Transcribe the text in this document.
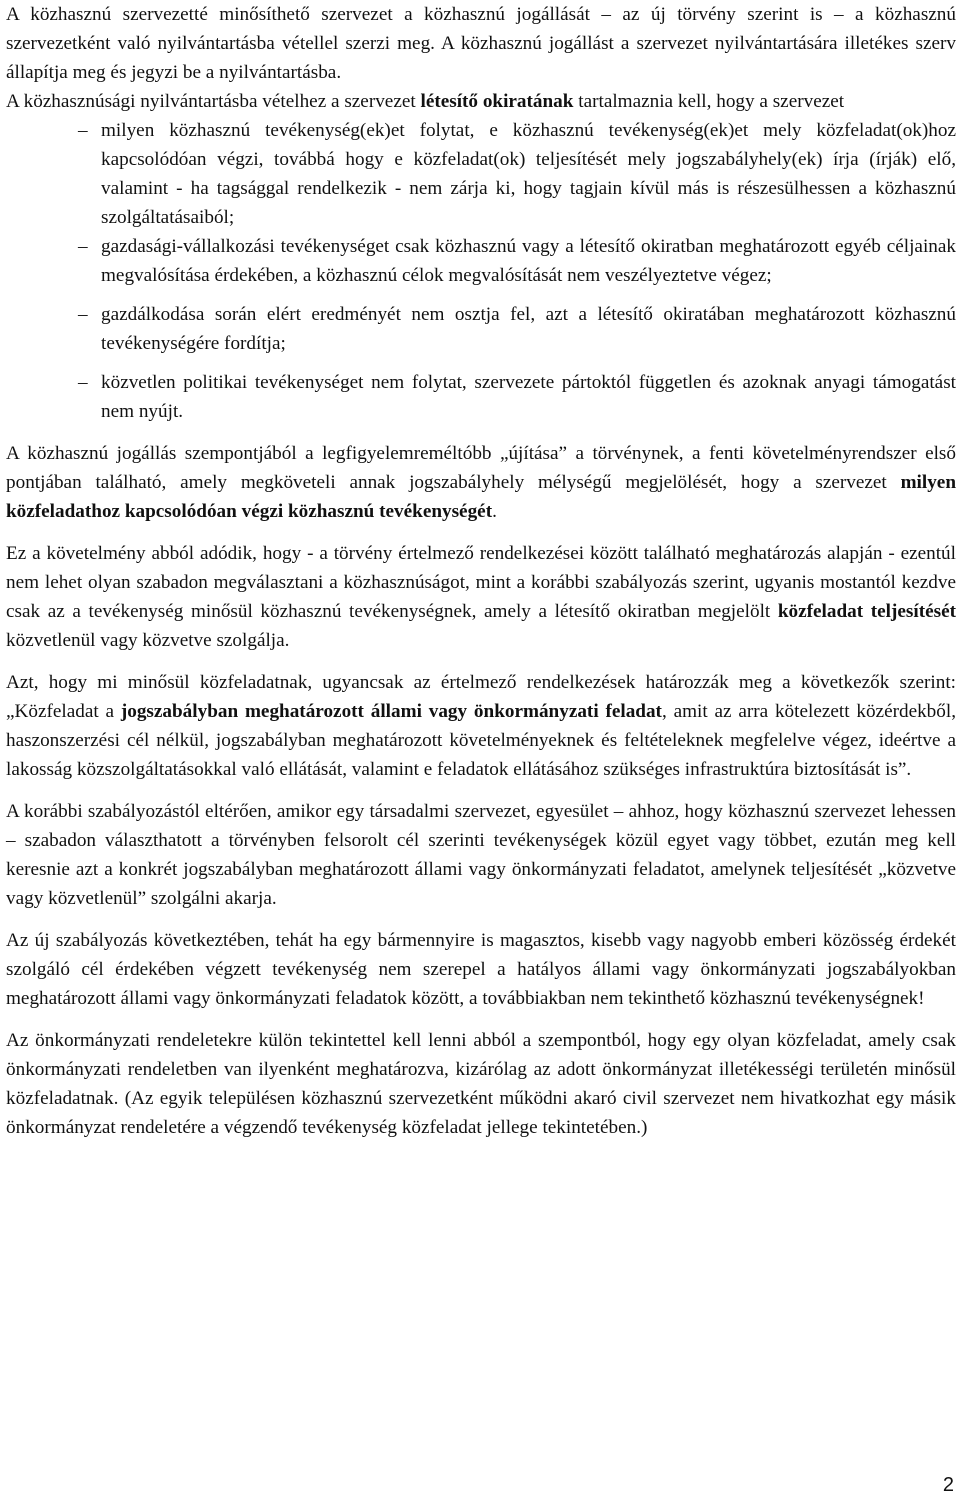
A közhasznú szervezetté minősíthető szervezet a közhasznú jogállását – az új törvény szerint is – a közhasznú szervezetként való nyilvántartásba vétellel szerzi meg. A közhasznú jogállást a szervezet nyilvántartására illetékes szerv állapítja meg és jegyzi be a nyilvántartásba.

A közhasznúsági nyilvántartásba vételhez a szervezet létesítő okiratának tartalmaznia kell, hogy a szervezet

– milyen közhasznú tevékenység(ek)et folytat, e közhasznú tevékenység(ek)et mely közfeladat(ok)hoz kapcsolódóan végzi, továbbá hogy e közfeladat(ok) teljesítését mely jogszabályhely(ek) írja (írják) elő, valamint - ha tagsággal rendelkezik - nem zárja ki, hogy tagjain kívül más is részesülhessen a közhasznú szolgáltatásaiból;
– gazdasági-vállalkozási tevékenységet csak közhasznú vagy a létesítő okiratban meghatározott egyéb céljainak megvalósítása érdekében, a közhasznú célok megvalósítását nem veszélyeztetve végez;
– gazdálkodása során elért eredményét nem osztja fel, azt a létesítő okiratában meghatározott közhasznú tevékenységére fordítja;
– közvetlen politikai tevékenységet nem folytat, szervezete pártoktól független és azoknak anyagi támogatást nem nyújt.

A közhasznú jogállás szempontjából a legfigyelemreméltóbb „újítása” a törvénynek, a fenti követelményrendszer első pontjában található, amely megköveteli annak jogszabályhely mélységű megjelölését, hogy a szervezet milyen közfeladathoz kapcsolódóan végzi közhasznú tevékenységét.

Ez a követelmény abból adódik, hogy - a törvény értelmező rendelkezései között található meghatározás alapján - ezentúl nem lehet olyan szabadon megválasztani a közhasznúságot, mint a korábbi szabályozás szerint, ugyanis mostantól kezdve csak az a tevékenység minősül közhasznú tevékenységnek, amely a létesítő okiratban megjelölt közfeladat teljesítését közvetlenül vagy közvetve szolgálja.

Azt, hogy mi minősül közfeladatnak, ugyancsak az értelmező rendelkezések határozzák meg a következők szerint: „Közfeladat a jogszabályban meghatározott állami vagy önkormányzati feladat, amit az arra kötelezett közérdekből, haszonszerzési cél nélkül, jogszabályban meghatározott követelményeknek és feltételeknek megfelelve végez, ideértve a lakosság közszolgáltatásokkal való ellátását, valamint e feladatok ellátásához szükséges infrastruktúra biztosítását is”.

A korábbi szabályozástól eltérően, amikor egy társadalmi szervezet, egyesület – ahhoz, hogy közhasznú szervezet lehessen – szabadon választhatott a törvényben felsorolt cél szerinti tevékenységek közül egyet vagy többet, ezután meg kell keresnie azt a konkrét jogszabályban meghatározott állami vagy önkormányzati feladatot, amelynek teljesítését „közvetve vagy közvetlenül” szolgálni akarja.

Az új szabályozás következtében, tehát ha egy bármennyire is magasztos, kisebb vagy nagyobb emberi közösség érdekét szolgáló cél érdekében végzett tevékenység nem szerepel a hatályos állami vagy önkormányzati jogszabályokban meghatározott állami vagy önkormányzati feladatok között, a továbbiakban nem tekinthető közhasznú tevékenységnek!

Az önkormányzati rendeletekre külön tekintettel kell lenni abból a szempontból, hogy egy olyan közfeladat, amely csak önkormányzati rendeletben van ilyenként meghatározva, kizárólag az adott önkormányzat illetékességi területén minősül közfeladatnak. (Az egyik településen közhasznú szervezetként működni akaró civil szervezet nem hivatkozhat egy másik önkormányzat rendeletére a végzendő tevékenység közfeladat jellege tekintetében.)

2
